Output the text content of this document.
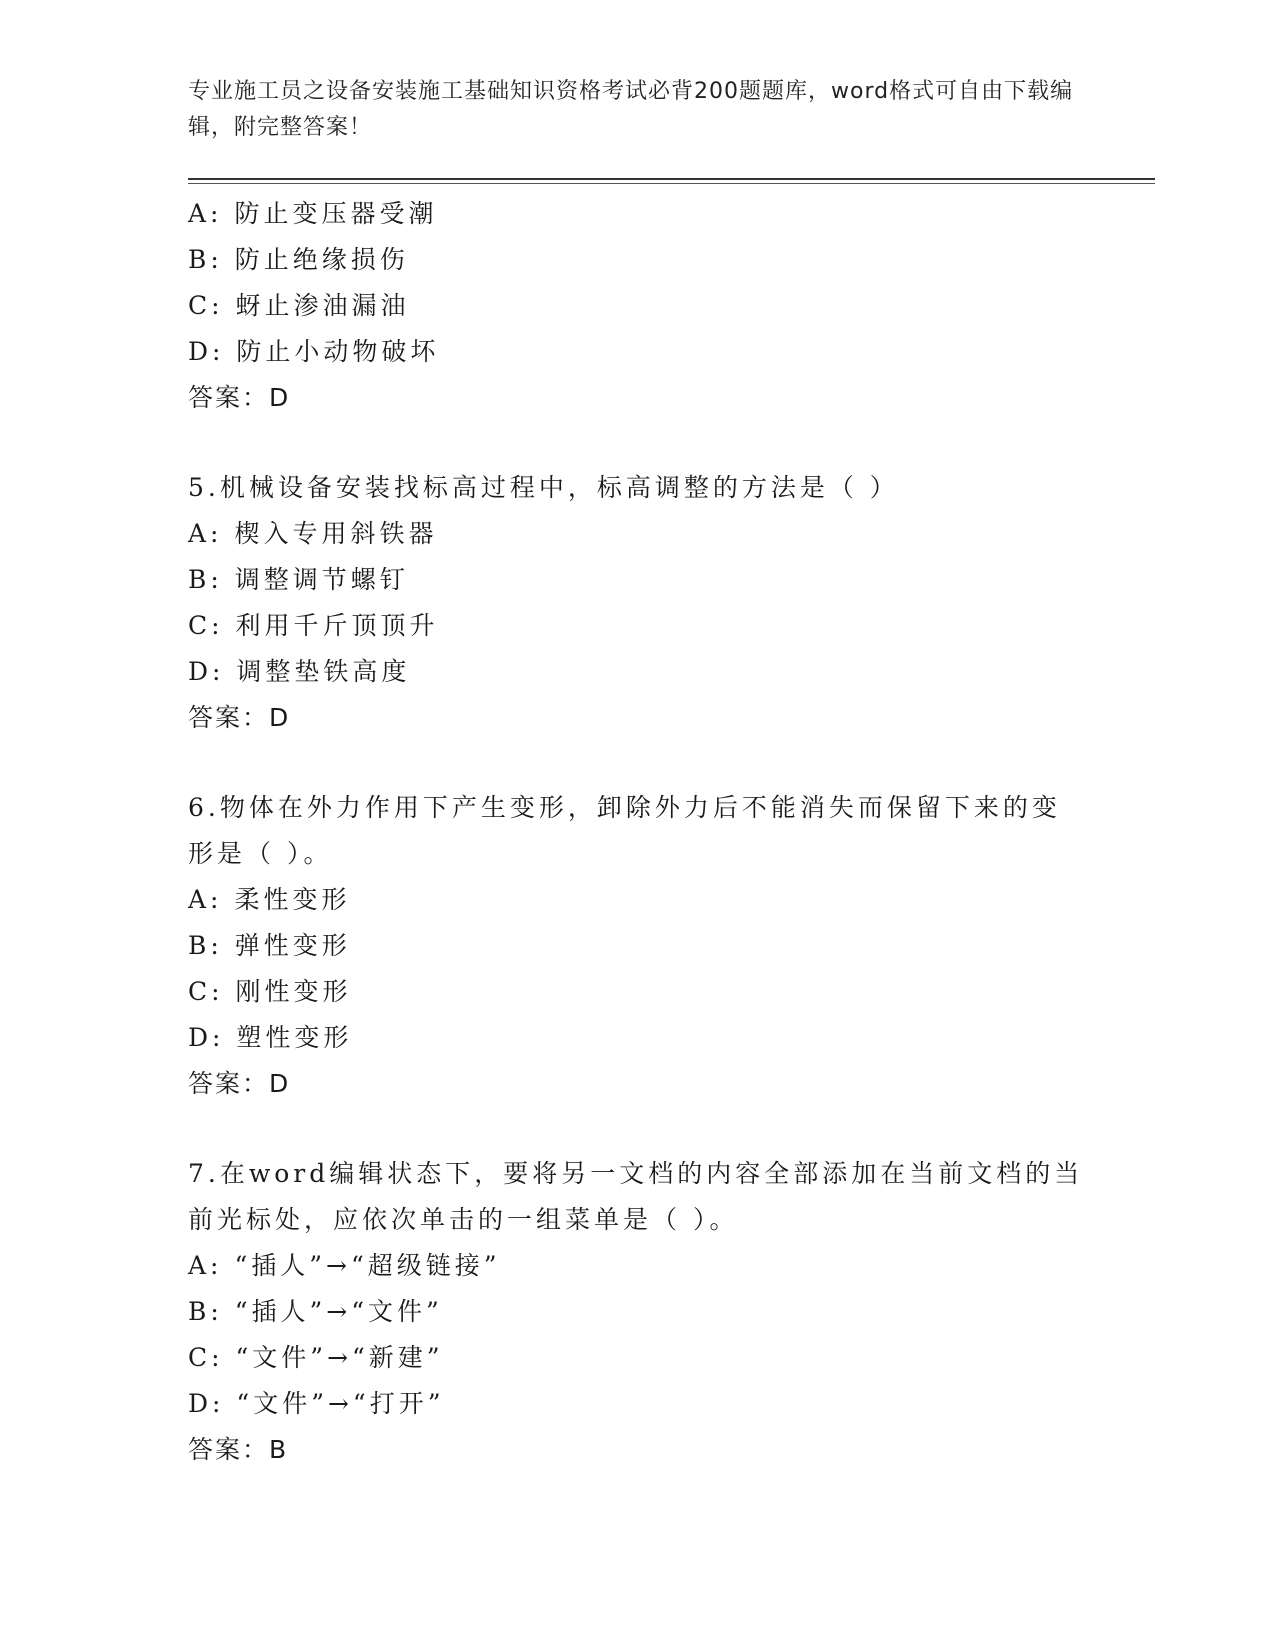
专业施工员之设备安装施工基础知识资格考试必背200题题库，word格式可自由下载编辑，附完整答案！
A: 防止变压器受潮
B: 防止绝缘损伤
C: 蚜止渗油漏油
D: 防止小动物破坏
答案：D
5.机械设备安装找标高过程中，标高调整的方法是（ ）
A: 楔入专用斜铁器
B: 调整调节螺钉
C: 利用千斤顶顶升
D: 调整垫铁高度
答案：D
6.物体在外力作用下产生变形，卸除外力后不能消失而保留下来的变形是（ ）。
A: 柔性变形
B: 弹性变形
C: 刚性变形
D: 塑性变形
答案：D
7.在word编辑状态下，要将另一文档的内容全部添加在当前文档的当前光标处，应依次单击的一组菜单是（ ）。
A: “插人”→“超级链接”
B: “插人”→“文件”
C: “文件”→“新建”
D: “文件”→“打开”
答案：B
